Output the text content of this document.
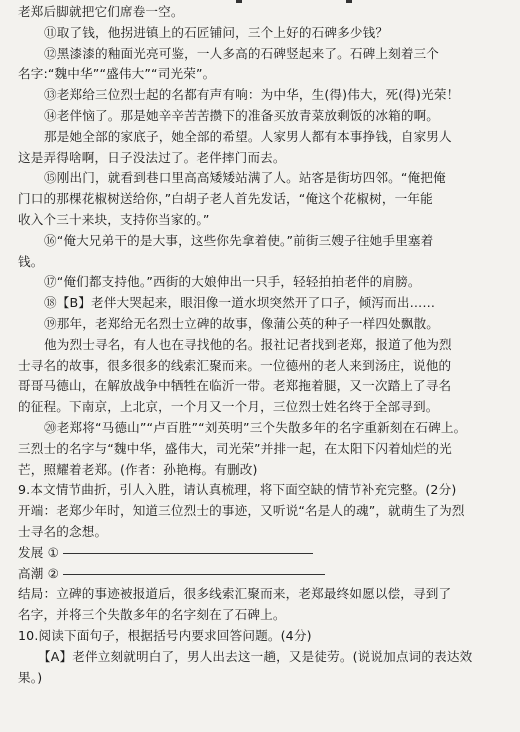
老郑后脚就把它们席卷一空。
⑪取了钱，他拐进镇上的石匠铺问，三个上好的石碑多少钱？
⑫黑漆漆的釉面光亮可鉴，一人多高的石碑竖起来了。石碑上刻着三个
名字:“魏中华”“盛伟大”“司光荣”。
⑬老郑给三位烈士起的名都有声有响：为中华，生(得)伟大，死(得)光荣！
⑭老伴恼了。那是她辛辛苦苦攒下的准备买放青菜放剩饭的冰箱的啊。
那是她全部的家底子，她全部的希望。人家男人都有本事挣钱，自家男人
这是弄得啥啊，日子没法过了。老伴摔门而去。
⑮刚出门，就看到巷口里高高矮矮站满了人。站客是街坊四邻。“俺把俺
门口的那棵花椒树送给你，”白胡子老人首先发话，“俺这个花椒树，一年能
收入个三十来块，支持你当家的。”
⑯“俺大兄弟干的是大事，这些你先拿着使。”前街三嫂子往她手里塞着
钱。
⑰“俺们都支持他。”西街的大娘伸出一只手，轻轻拍拍老伴的肩膀。
⑱【B】老伴大哭起来，眼泪像一道水坝突然开了口子，倾泻而出……
⑲那年，老郑给无名烈士立碑的故事，像蒲公英的种子一样四处飘散。
他为烈士寻名，有人也在寻找他的名。报社记者找到老郑，报道了他为烈
士寻名的故事，很多很多的线索汇聚而来。一位德州的老人来到汤庄，说他的
哥哥马德山，在解放战争中牺牲在临沂一带。老郑拖着腿，又一次踏上了寻名
的征程。下南京，上北京，一个月又一个月，三位烈士姓名终于全部寻到。
⑳老郑将“马德山”“卢百胜”“刘英明”三个失散多年的名字重新刻在石碑上。
三烈士的名字与“魏中华，盛伟大，司光荣”并排一起，在太阳下闪着灿烂的光
芒，照耀着老郑。(作者：孙艳梅。有删改)
9.本文情节曲折，引人入胜，请认真梳理，将下面空缺的情节补充完整。(2分)
开端：老郑少年时，知道三位烈士的事迹，又听说“名是人的魂”，就萌生了为烈
士寻名的念想。
发展 ①
高潮 ②
结局：立碑的事迹被报道后，很多线索汇聚而来，老郑最终如愿以偿，寻到了
名字，并将三个失散多年的名字刻在了石碑上。
10.阅读下面句子，根据括号内要求回答问题。(4分)
【A】老伴立刻就明白了，男人出去这一趟，又是徒劳。(说说加点词的表达效
果。)
